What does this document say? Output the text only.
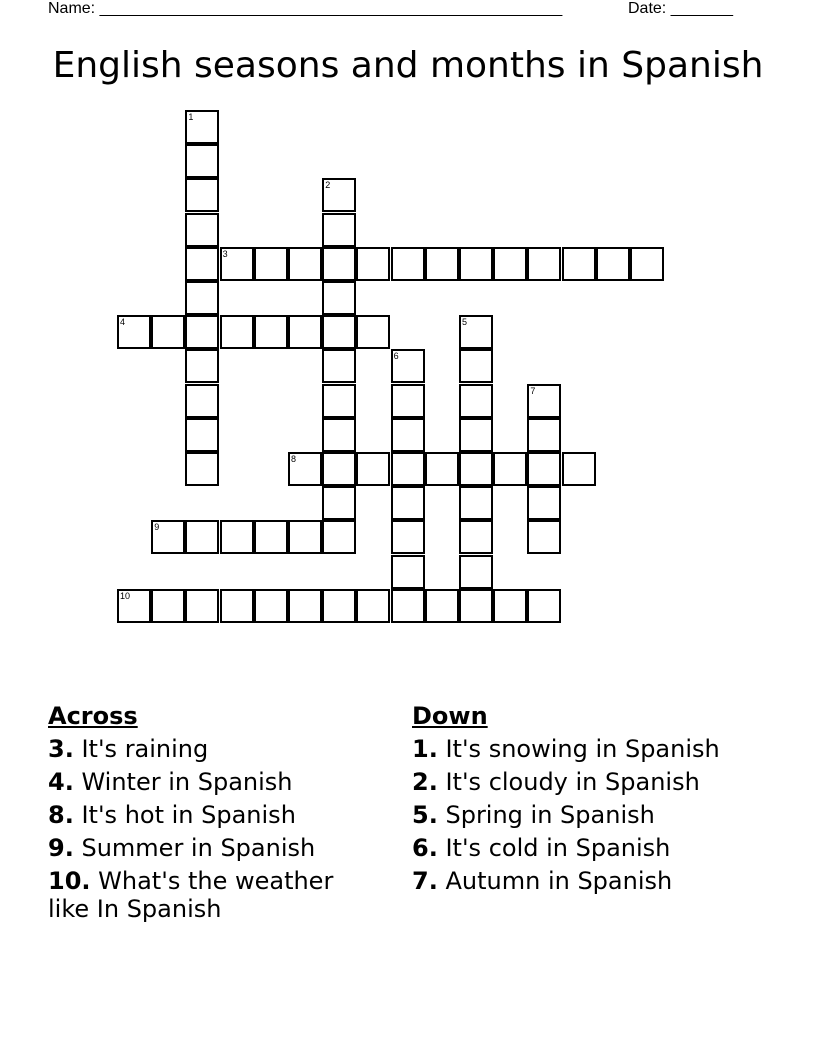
Name: ____________________________________________________	Date: _______
English seasons and months in Spanish
1
2
3
4	5
6
7
8
9
10
Across
3. It's raining
4. Winter in Spanish
8. It's hot in Spanish
9. Summer in Spanish
10. What's the weather like In Spanish
Down
1. It's snowing in Spanish
2. It's cloudy in Spanish
5. Spring in Spanish
6. It's cold in Spanish
7. Autumn in Spanish
